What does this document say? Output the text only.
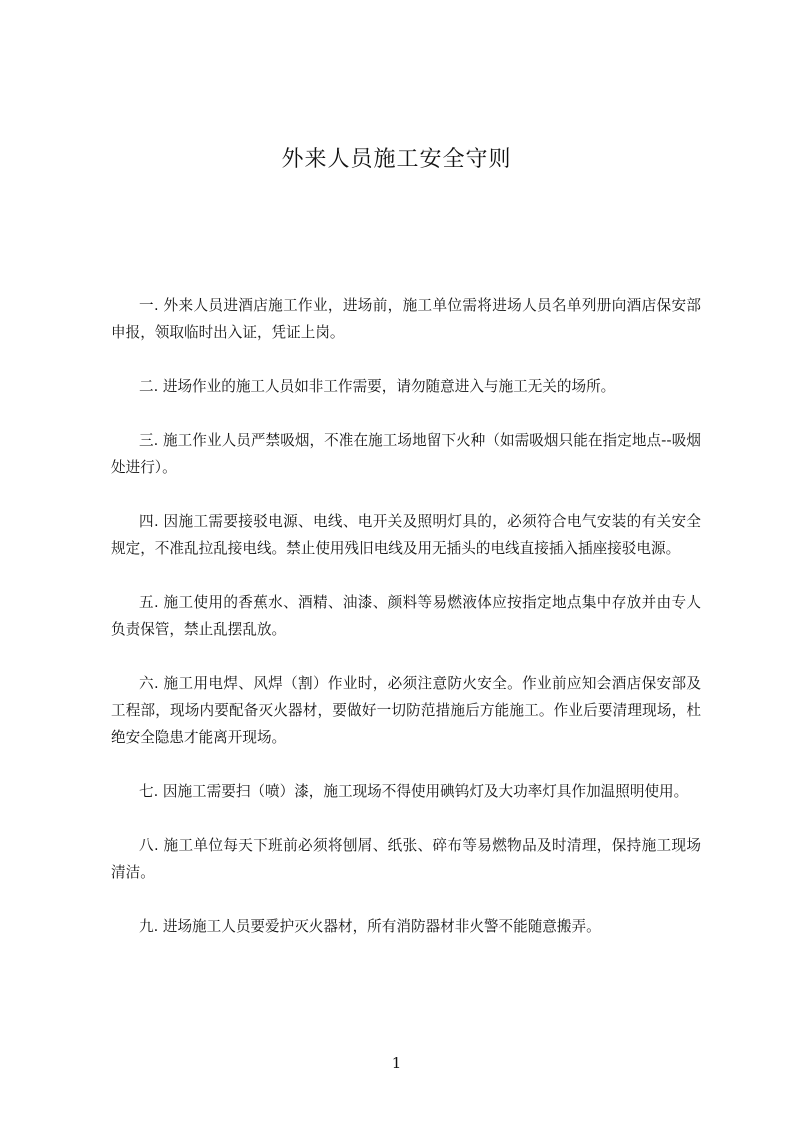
外来人员施工安全守则
一. 外来人员进酒店施工作业，进场前，施工单位需将进场人员名单列册向酒店保安部申报，领取临时出入证，凭证上岗。
二. 进场作业的施工人员如非工作需要，请勿随意进入与施工无关的场所。
三. 施工作业人员严禁吸烟，不准在施工场地留下火种（如需吸烟只能在指定地点--吸烟处进行）。
四. 因施工需要接驳电源、电线、电开关及照明灯具的，必须符合电气安装的有关安全规定，不准乱拉乱接电线。禁止使用残旧电线及用无插头的电线直接插入插座接驳电源。
五. 施工使用的香蕉水、酒精、油漆、颜料等易燃液体应按指定地点集中存放并由专人负责保管，禁止乱摆乱放。
六. 施工用电焊、风焊（割）作业时，必须注意防火安全。作业前应知会酒店保安部及工程部，现场内要配备灭火器材，要做好一切防范措施后方能施工。作业后要清理现场，杜绝安全隐患才能离开现场。
七. 因施工需要扫（喷）漆，施工现场不得使用碘钨灯及大功率灯具作加温照明使用。
八. 施工单位每天下班前必须将刨屑、纸张、碎布等易燃物品及时清理，保持施工现场清洁。
九. 进场施工人员要爱护灭火器材，所有消防器材非火警不能随意搬弄。
1
